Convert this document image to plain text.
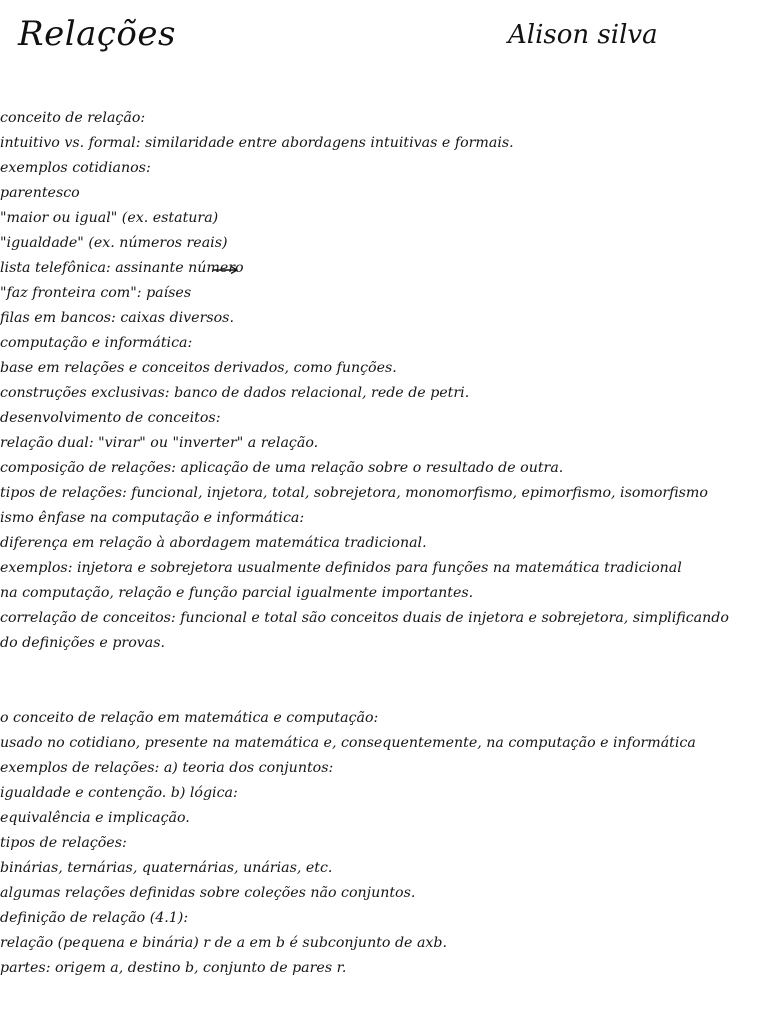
Relações	Alison silva
conceito de relação:
intuitivo vs. formal: similaridade entre abordagens intuitivas e formais.
exemplos cotidianos:
parentesco
"maior ou igual" (ex. estatura)
"igualdade" (ex. números reais)
lista telefônica: assinante número
"faz fronteira com": países
filas em bancos: caixas diversos.
computação e informática:
base em relações e conceitos derivados, como funções.
construções exclusivas: banco de dados relacional, rede de petri.
desenvolvimento de conceitos:
relação dual: "virar" ou "inverter" a relação.
composição de relações: aplicação de uma relação sobre o resultado de outra.
tipos de relações: funcional, injetora, total, sobrejetora, monomorfismo, epimorfismo, isomorfismo
ismo ênfase na computação e informática:
diferença em relação à abordagem matemática tradicional.
exemplos: injetora e sobrejetora usualmente definidos para funções na matemática tradicional
na computação, relação e função parcial igualmente importantes.
correlação de conceitos: funcional e total são conceitos duais de injetora e sobrejetora, simplificando
do definições e provas.
o conceito de relação em matemática e computação:
usado no cotidiano, presente na matemática e, consequentemente, na computação e informática
exemplos de relações: a) teoria dos conjuntos:
igualdade e contenção. b) lógica:
equivalência e implicação.
tipos de relações:
binárias, ternárias, quaternárias, unárias, etc.
algumas relações definidas sobre coleções não conjuntos.
definição de relação (4.1):
relação (pequena e binária) r de a em b é subconjunto de axb.
partes: origem a, destino b, conjunto de pares r.
